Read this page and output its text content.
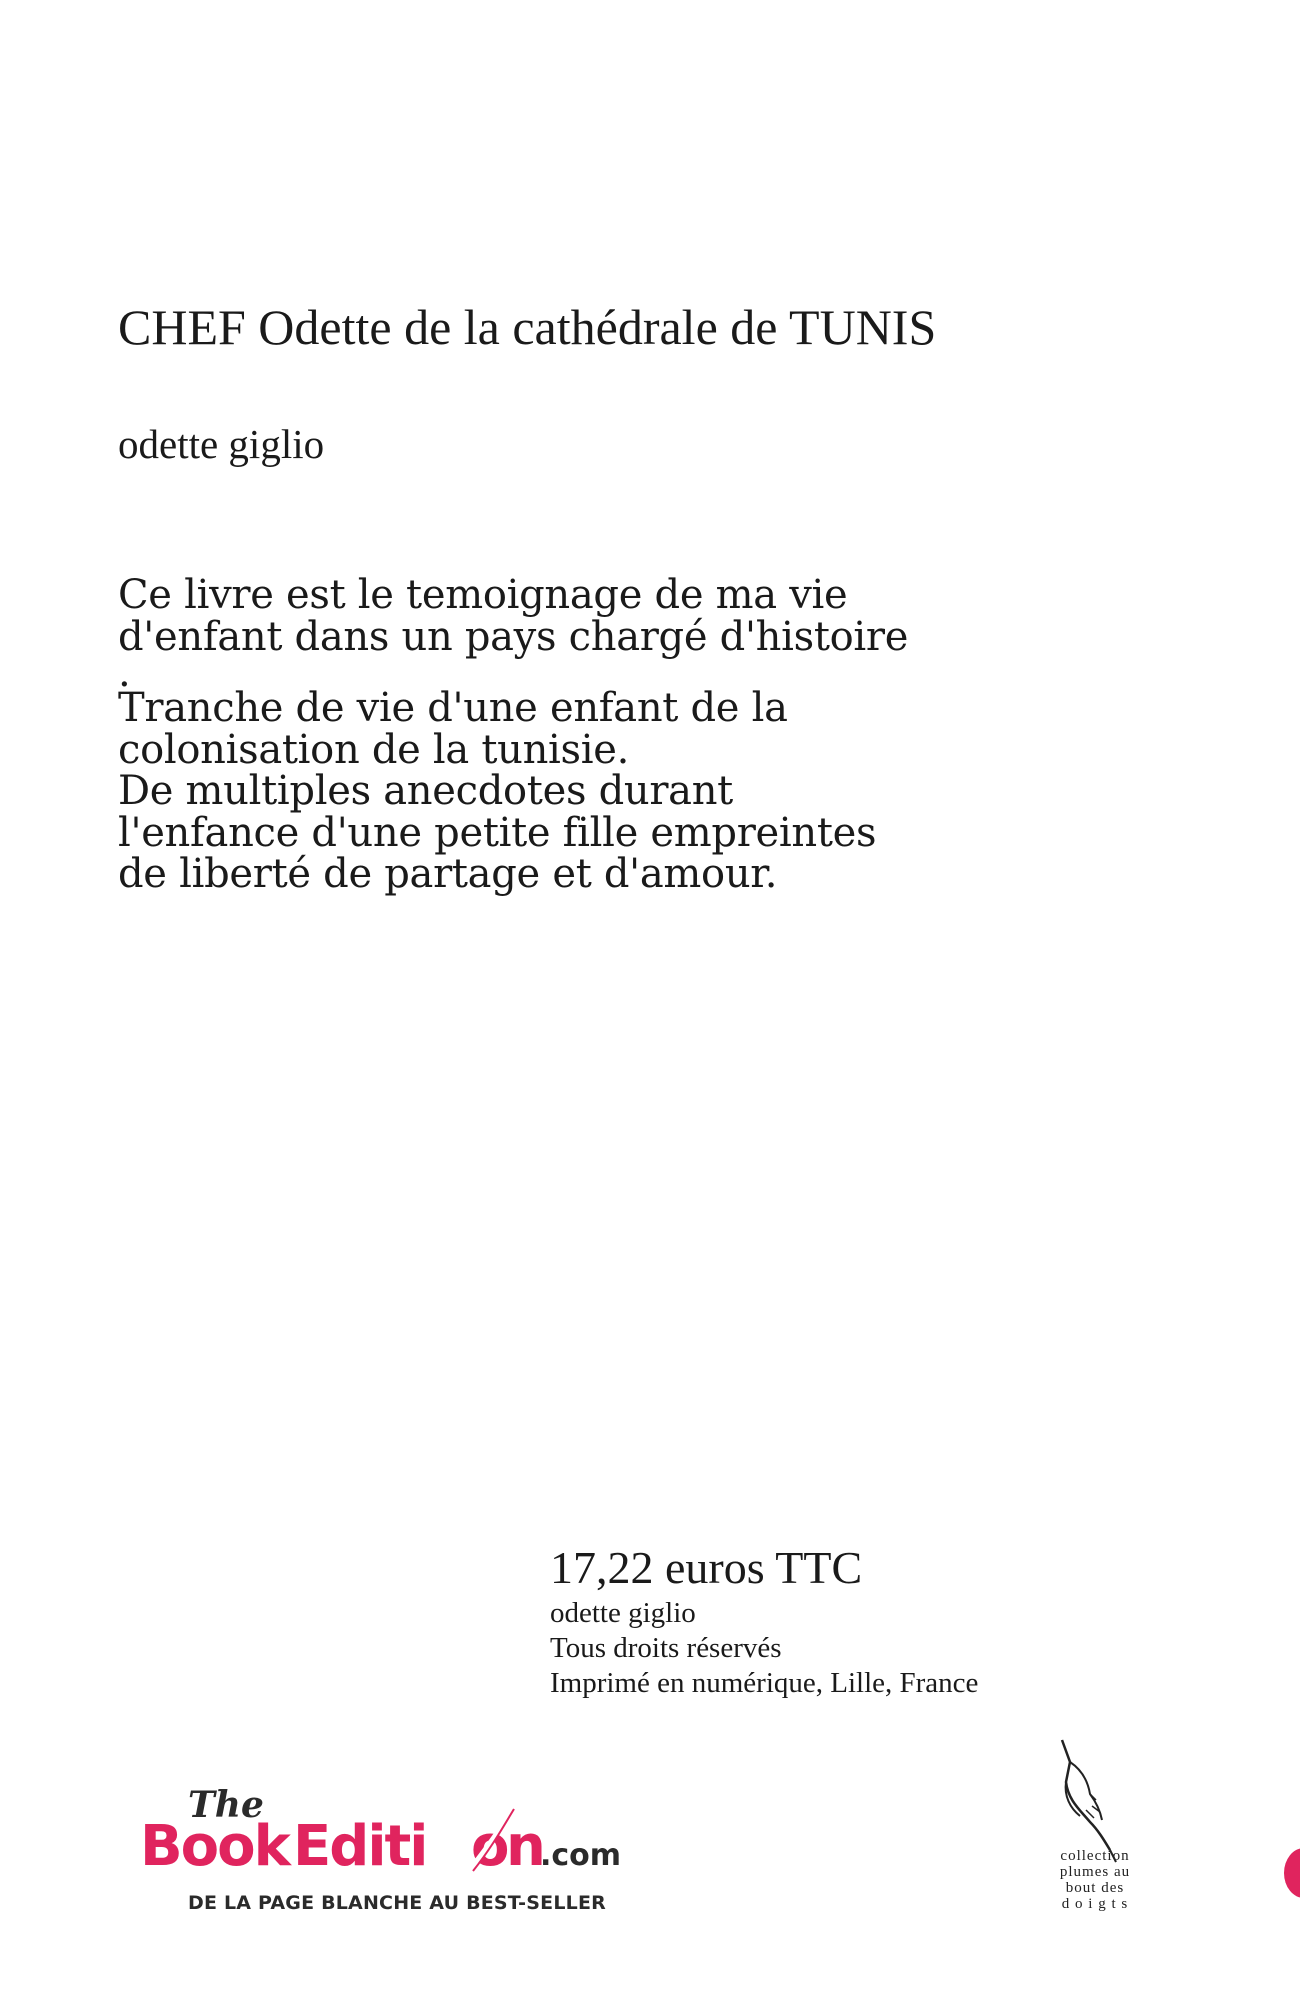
CHEF Odette de la cathédrale de TUNIS
odette giglio
Ce livre est le temoignage de ma vie
d'enfant dans un pays chargé d'histoire
.
Tranche de vie d'une enfant de la
colonisation de la tunisie.
De multiples anecdotes durant
l'enfance d'une petite fille empreintes
de liberté de partage et d'amour.
17,22 euros TTC
odette giglio
Tous droits réservés
Imprimé en numérique, Lille, France
The
Book Editi o
n
.com
DE LA PAGE BLANCHE AU BEST-SELLER
collection
plumes au
bout des
d o i g t s
